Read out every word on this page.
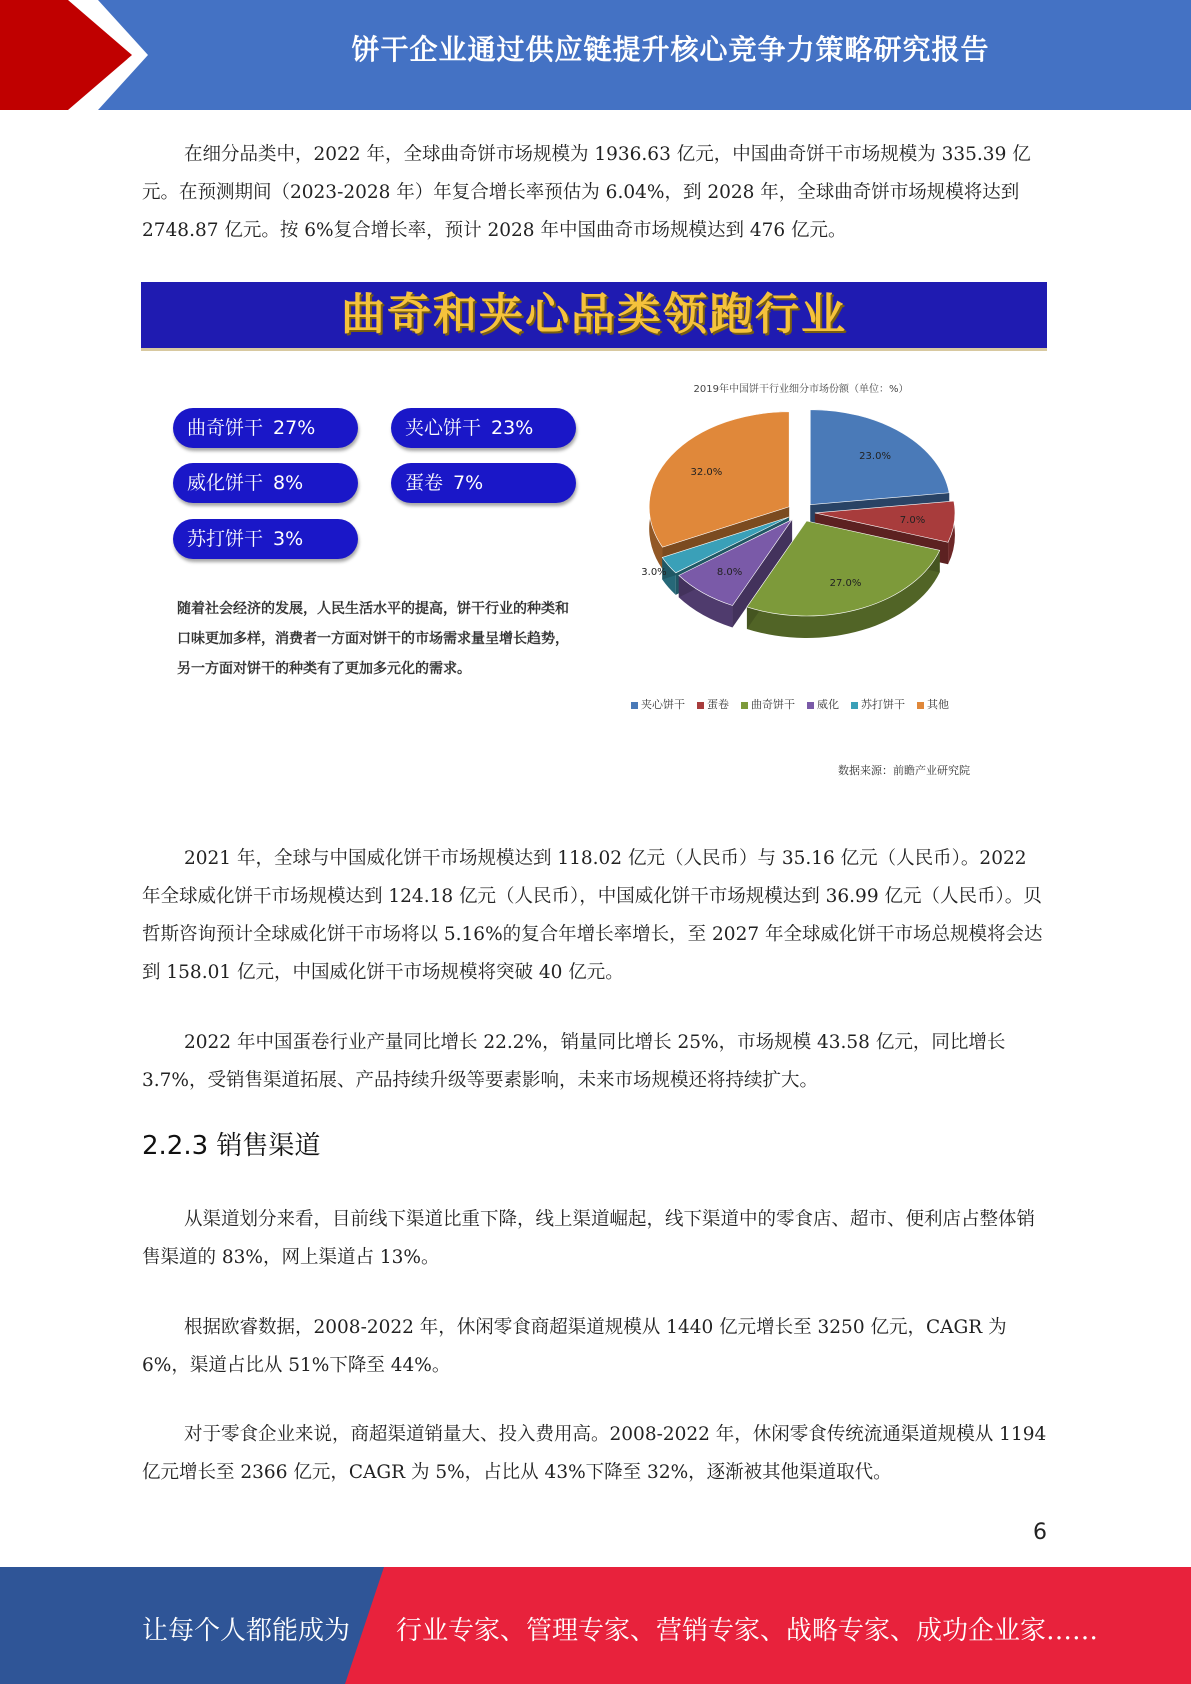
饼干企业通过供应链提升核心竞争力策略研究报告
在细分品类中，2022 年，全球曲奇饼市场规模为 1936.63 亿元，中国曲奇饼干市场规模为 335.39 亿元。在预测期间（2023-2028 年）年复合增长率预估为 6.04%，到 2028 年，全球曲奇饼市场规模将达到 2748.87 亿元。按 6%复合增长率，预计 2028 年中国曲奇市场规模达到 476 亿元。
曲奇和夹心品类领跑行业
曲奇饼干 27%	夹心饼干 23%
威化饼干 8%	蛋卷 7%
苏打饼干 3%
随着社会经济的发展，人民生活水平的提高，饼干行业的种类和口味更加多样，消费者一方面对饼干的市场需求量呈增长趋势，另一方面对饼干的种类有了更加多元化的需求。
2019年中国饼干行业细分市场份额（单位：%）
23.0%
7.0%
27.0%
8.0%
3.0%
32.0%
夹心饼干 蛋卷 曲奇饼干 威化 苏打饼干 其他
数据来源：前瞻产业研究院
2021 年，全球与中国威化饼干市场规模达到 118.02 亿元（人民币）与 35.16 亿元（人民币）。2022 年全球威化饼干市场规模达到 124.18 亿元（人民币），中国威化饼干市场规模达到 36.99 亿元（人民币）。贝哲斯咨询预计全球威化饼干市场将以 5.16%的复合年增长率增长，至 2027 年全球威化饼干市场总规模将会达到 158.01 亿元，中国威化饼干市场规模将突破 40 亿元。
2022 年中国蛋卷行业产量同比增长 22.2%，销量同比增长 25%，市场规模 43.58 亿元，同比增长 3.7%，受销售渠道拓展、产品持续升级等要素影响，未来市场规模还将持续扩大。
2.2.3 销售渠道
从渠道划分来看，目前线下渠道比重下降，线上渠道崛起，线下渠道中的零食店、超市、便利店占整体销售渠道的 83%，网上渠道占 13%。
根据欧睿数据，2008-2022 年，休闲零食商超渠道规模从 1440 亿元增长至 3250 亿元，CAGR 为 6%，渠道占比从 51%下降至 44%。
对于零食企业来说，商超渠道销量大、投入费用高。2008-2022 年，休闲零食传统流通渠道规模从 1194 亿元增长至 2366 亿元，CAGR 为 5%，占比从 43%下降至 32%，逐渐被其他渠道取代。
6
让每个人都能成为 行业专家、管理专家、营销专家、战略专家、成功企业家……
